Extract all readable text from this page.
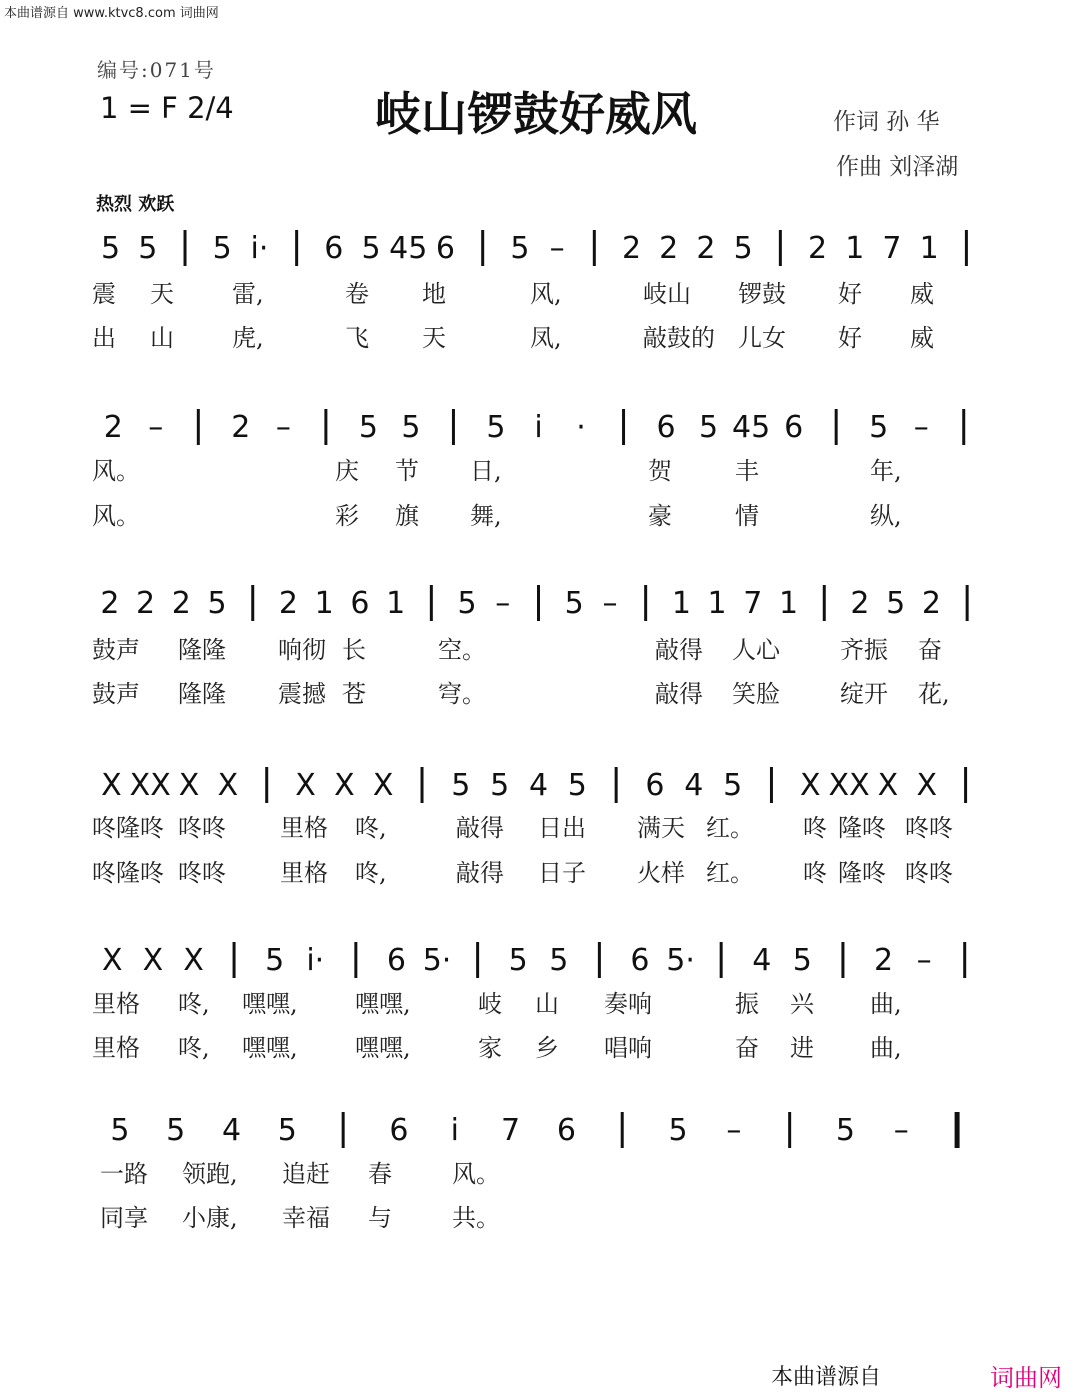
本曲谱源自 www.ktvc8.com 词曲网
编号:071号
1 = F 2/4	岐山锣鼓好威风	作词 孙 华
作曲 刘泽湖
热烈 欢跃
5 5 5 i· 6 5 45 6 5 – 2 2 2 5 2 1 7 1
2 – 2 – 5 5 5 i · 6 5 45 6 5 –
2 2 2 5 2 1 6 1 5 – 5 – 1 1 7 1 2 5 2
X XX X X X X X 5 5 4 5 6 4 5 X XX X X
X X X 5 i· 6 5· 5 5 6 5· 4 5 2 –
5 5 4 5	6 i 7 6	5 –	5 –
震 天 雷,	卷 地	风,	岐山 锣鼓 好 威
出 山 虎,	飞 天	凤,	敲鼓的 儿女 好 威
风。	庆 节 日,	贺	丰	年,
风。	彩 旗 舞,	豪	情	纵,
鼓声 隆隆 响彻 长	空。	敲得 人心	齐振 奋
鼓声 隆隆 震撼 苍	穹。	敲得 笑脸	绽开 花,
咚隆咚 咚咚 里格 咚,	敲得 日出 满天 红。 咚 隆咚 咚咚
咚隆咚 咚咚 里格 咚,	敲得 日子 火样 红。 咚 隆咚 咚咚
里格 咚, 嘿嘿, 嘿嘿,	岐 山 奏响	振 兴 曲,
里格 咚, 嘿嘿, 嘿嘿,	家 乡 唱响	奋 进 曲,
一路 领跑, 追赶 春	风。
同享 小康, 幸福 与	共。
本曲谱源自	词曲网
